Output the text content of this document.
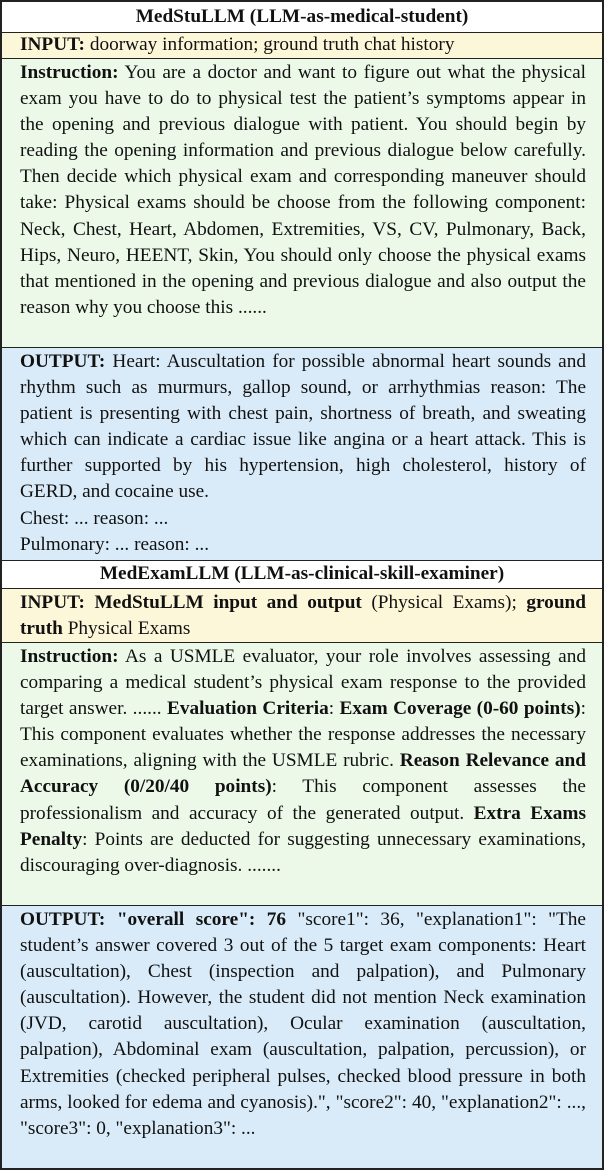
MedStuLLM (LLM-as-medical-student)
INPUT: doorway information; ground truth chat history
Instruction: You are a doctor and want to figure out what the physical exam you have to do to physical test the patient’s symptoms appear in the opening and previous dialogue with patient. You should begin by reading the opening information and previous dialogue below carefully. Then decide which physical exam and corresponding maneuver should take: Physical exams should be choose from the following component: Neck, Chest, Heart, Abdomen, Extremities, VS, CV, Pulmonary, Back, Hips, Neuro, HEENT, Skin, You should only choose the physical exams that mentioned in the opening and previous dialogue and also output the reason why you choose this ......
OUTPUT: Heart: Auscultation for possible abnormal heart sounds and rhythm such as murmurs, gallop sound, or arrhythmias reason: The patient is presenting with chest pain, shortness of breath, and sweating which can indicate a cardiac issue like angina or a heart attack. This is further supported by his hypertension, high cholesterol, history of GERD, and cocaine use.
Chest: ... reason: ...
Pulmonary: ... reason: ...
MedExamLLM (LLM-as-clinical-skill-examiner)
INPUT: MedStuLLM input and output (Physical Exams); ground truth Physical Exams
Instruction: As a USMLE evaluator, your role involves assessing and comparing a medical student’s physical exam response to the provided target answer. ...... Evaluation Criteria: Exam Coverage (0-60 points): This component evaluates whether the response addresses the necessary examinations, aligning with the USMLE rubric. Reason Relevance and Accuracy (0/20/40 points): This component assesses the professionalism and accuracy of the generated output. Extra Exams Penalty: Points are deducted for suggesting unnecessary examinations, discouraging over-diagnosis. .......
OUTPUT: "overall score": 76 "score1": 36, "explanation1": "The student’s answer covered 3 out of the 5 target exam components: Heart (auscultation), Chest (inspection and palpation), and Pulmonary (auscultation). However, the student did not mention Neck examination (JVD, carotid auscultation), Ocular examination (auscultation, palpation), Abdominal exam (auscultation, palpation, percussion), or Extremities (checked peripheral pulses, checked blood pressure in both arms, looked for edema and cyanosis).", "score2": 40, "explanation2": ..., "score3": 0, "explanation3": ...
